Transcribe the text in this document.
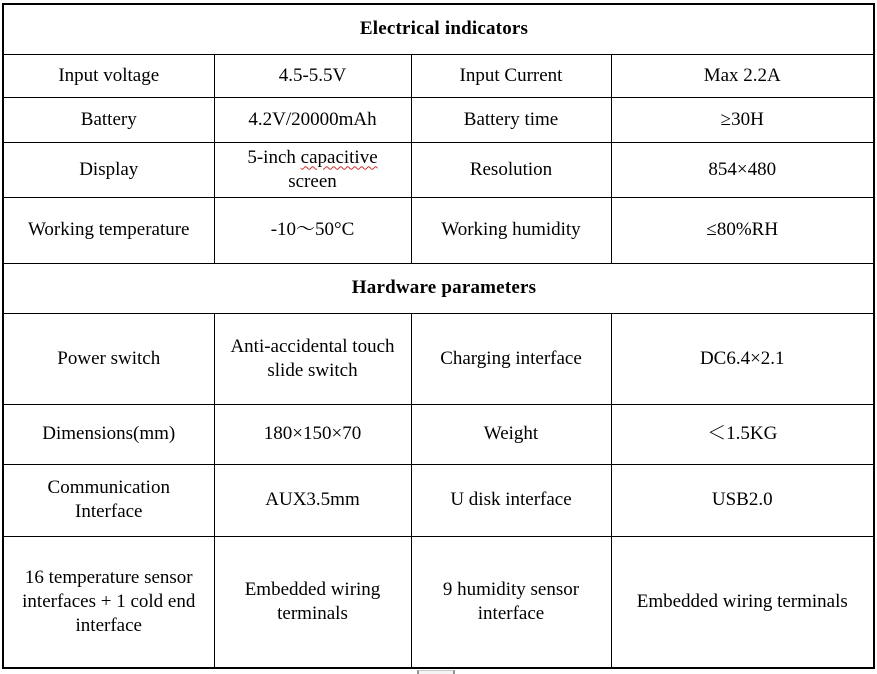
Electrical indicators			
Input voltage	4.5-5.5V	Input Current	Max 2.2A
Battery	4.2V/20000mAh	Battery time	≥30H
Display	5-inch capacitive screen	Resolution	854×480
Working temperature	-10～50°C	Working humidity	≤80%RH
Hardware parameters			
Power switch	Anti-accidental touch slide switch	Charging interface	DC6.4×2.1
Dimensions(mm)	180×150×70	Weight	＜1.5KG
Communication Interface	AUX3.5mm	U disk interface	USB2.0
16 temperature sensor interfaces + 1 cold end interface	Embedded wiring terminals	9 humidity sensor interface	Embedded wiring terminals
